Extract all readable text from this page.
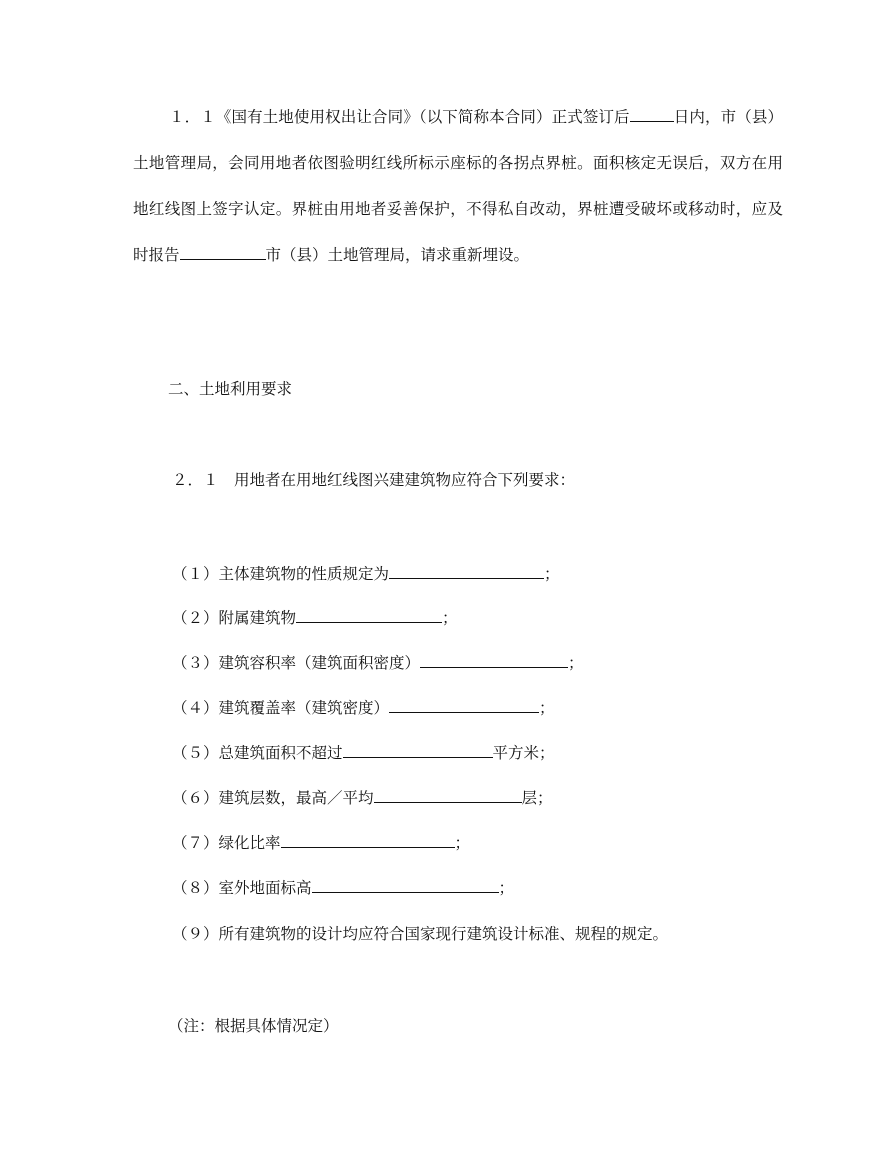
１．１《国有土地使用权出让合同》（以下简称本合同）正式签订后	日内，市（县）土地管理局，会同用地者依图验明红线所标示座标的各拐点界桩。面积核定无误后，双方在用地红线图上签字认定。界桩由用地者妥善保护，不得私自改动，界桩遭受破坏或移动时，应及时报告	市（县）土地管理局，请求重新埋设。

二、土地利用要求

２．１　用地者在用地红线图兴建建筑物应符合下列要求：

（１）主体建筑物的性质规定为	；

（２）附属建筑物	；

（３）建筑容积率（建筑面积密度）	；

（４）建筑覆盖率（建筑密度）	；

（５）总建筑面积不超过	平方米；

（６）建筑层数，最高／平均	层；

（７）绿化比率	；

（８）室外地面标高	；

（９）所有建筑物的设计均应符合国家现行建筑设计标准、规程的规定。

（注：根据具体情况定）
